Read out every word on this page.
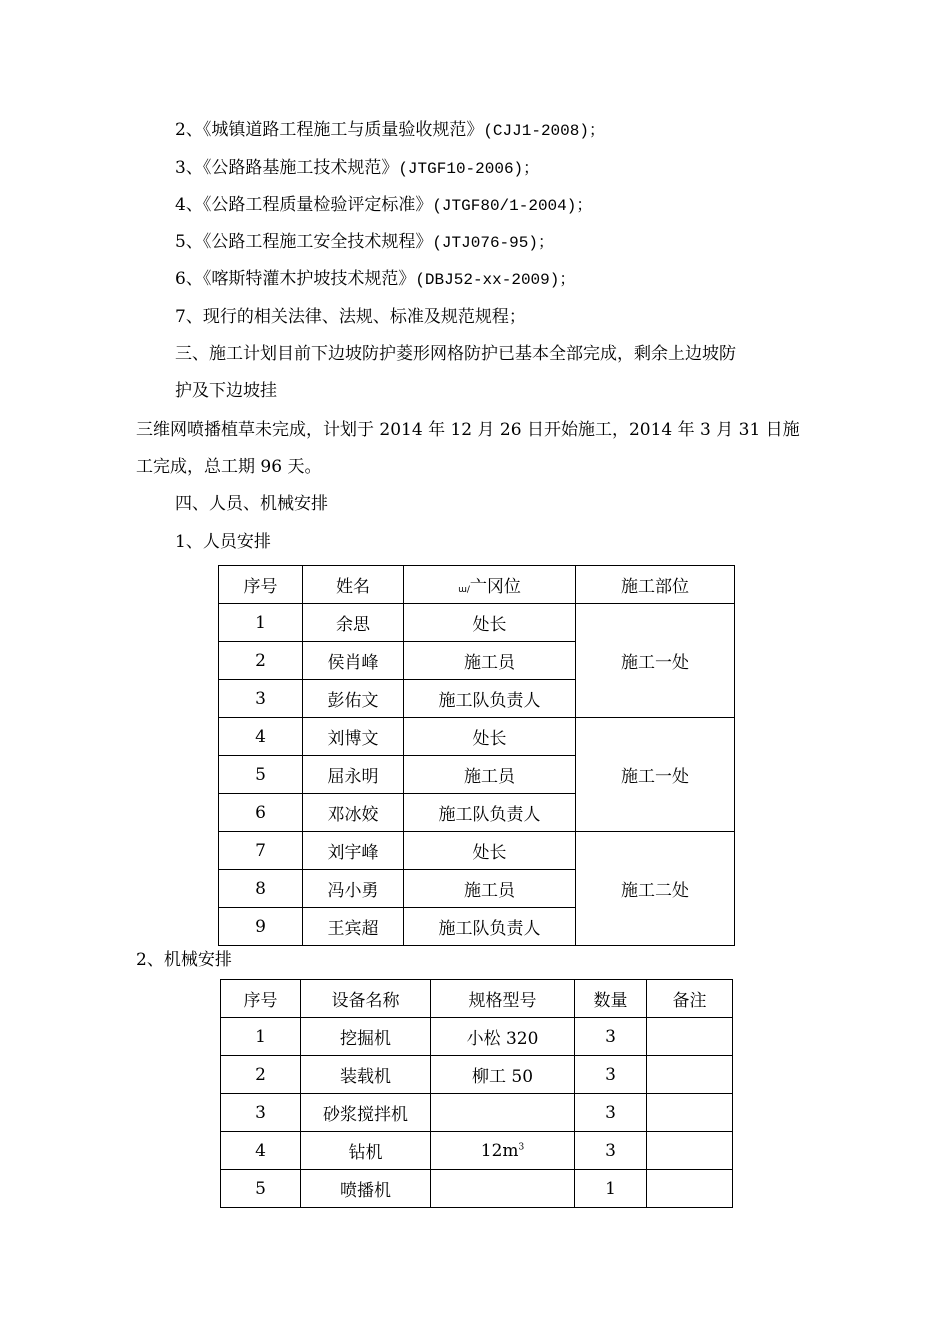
2、《城镇道路工程施工与质量验收规范》(CJJ1-2008)；
3、《公路路基施工技术规范》(JTGF10-2006)；
4、《公路工程质量检验评定标准》(JTGF80/1-2004)；
5、《公路工程施工安全技术规程》(JTJ076-95)；
6、《喀斯特灌木护坡技术规范》(DBJ52-xx-2009)；
7、现行的相关法律、法规、标准及规范规程；
三、施工计划目前下边坡防护菱形网格防护已基本全部完成，剩余上边坡防
护及下边坡挂
三维网喷播植草未完成，计划于 2014 年 12 月 26 日开始施工，2014 年 3 月 31 日施
工完成，总工期 96 天。
四、人员、机械安排
1、人员安排
序号	姓名	ɯ/亠冈位	施工部位
1	余思	处长	施工一处
2	侯肖峰	施工员	
3	彭佑文	施工队负责人	
4	刘博文	处长	施工一处
5	屈永明	施工员	
6	邓冰姣	施工队负责人	
7	刘宇峰	处长	施工二处
8	冯小勇	施工员	
9	王宾超	施工队负责人	
2、机械安排
序号	设备名称	规格型号	数量	备注
1	挖掘机	小松 320	3	
2	装载机	柳工 50	3	
3	砂浆搅拌机		3	
4	钻机	$12m^3$	3	
5	喷播机		1	
